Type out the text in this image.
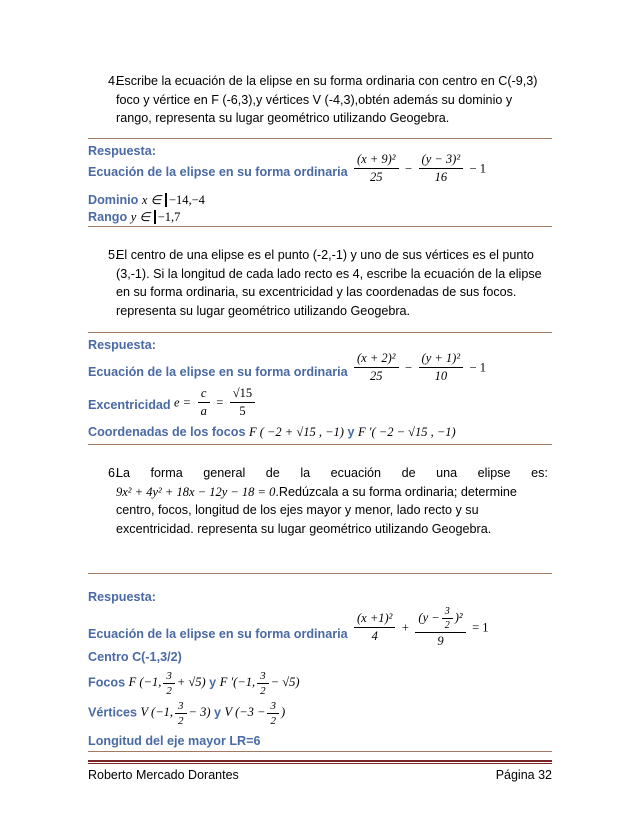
4.
Escribe la ecuación de la elipse en su forma ordinaria con centro en C(-9,3)
foco y vértice en F (-6,3),y vértices V (-4,3),obtén además su dominio y
rango, representa su lugar geométrico utilizando Geogebra.
Respuesta:
Ecuación de la elipse en su forma ordinaria $\frac{\text{(x + 9)²}}{25} - \frac{\text{(y − 3)²}}{16} - 1$
Dominio x ∈ −14,−4
Rango y ∈ −1,7
5.
El centro de una elipse es el punto (-2,-1) y uno de sus vértices es el punto
(3,-1). Si la longitud de cada lado recto es 4, escribe la ecuación de la elipse
en su forma ordinaria, su excentricidad y las coordenadas de sus focos.
representa su lugar geométrico utilizando Geogebra.
Respuesta:
Ecuación de la elipse en su forma ordinaria $\frac{\text{(x + 2)²}}{25} - \frac{\text{(y + 1)²}}{10} - 1$
Excentricidad $e = \frac{c}{a} = \frac{√15}{5}$
Coordenadas de los focos F ( −2 + √15 , −1) y F ′( −2 − √15 , −1)
6.
La forma general de la ecuación de una elipse es:
9x² + 4y² + 18x − 12y − 18 = 0.Redúzcala a su forma ordinaria; determine
centro, focos, longitud de los ejes mayor y menor, lado recto y su
excentricidad. representa su lugar geométrico utilizando Geogebra.
Respuesta:
Ecuación de la elipse en su forma ordinaria $\frac{\text{(x +1)²}}{4} + \frac{(y - \frac{3}{2} )^2}{9} = 1$
Centro C(-1,3/2)
Focos F (−1, $\frac{3}{2} + √5$) y F ′(−1, $\frac{3}{2} - √5$)
Vértices V (−1, $\frac{3}{2} - 3$) y V ($-3 - \frac{3}{2}$ )
Longitud del eje mayor LR=6
Roberto Mercado Dorantes	Página 32
